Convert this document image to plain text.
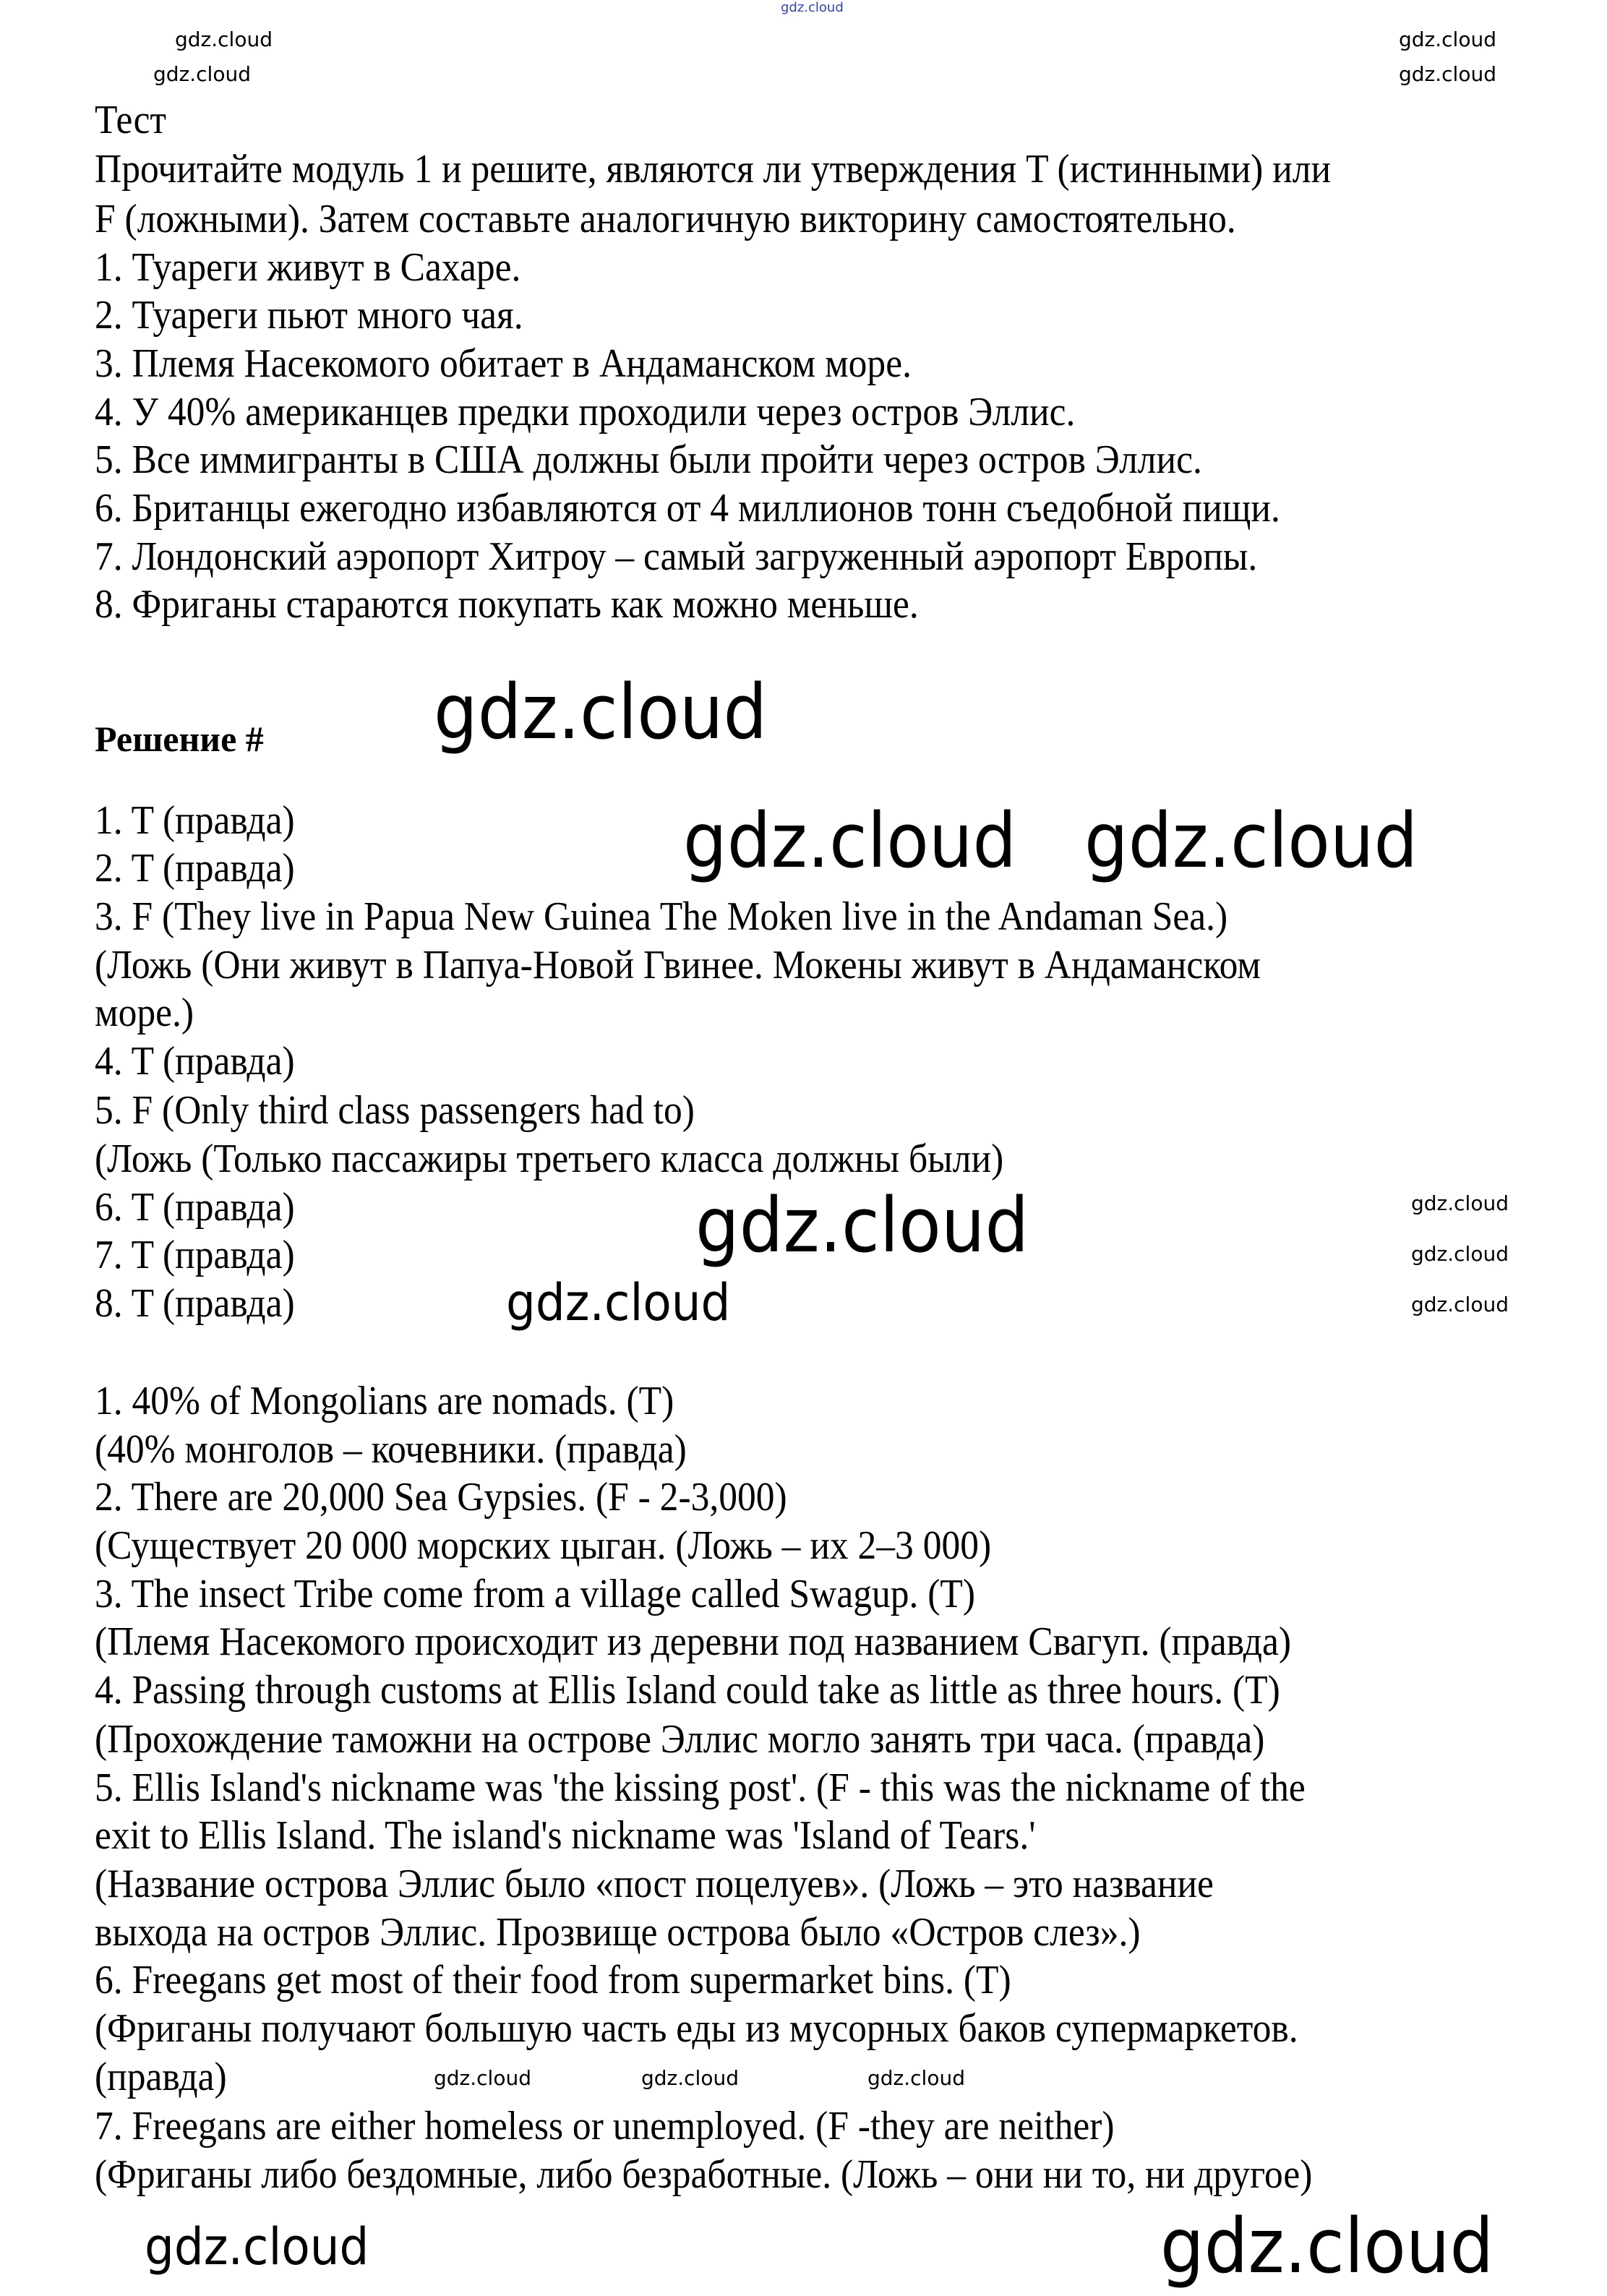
gdz.cloud
Тест
Прочитайте модуль 1 и решите, являются ли утверждения T (истинными) или
F (ложными). Затем составьте аналогичную викторину самостоятельно.
1. Туареги живут в Сахаре.
2. Туареги пьют много чая.
3. Племя Насекомого обитает в Андаманском море.
4. У 40% американцев предки проходили через остров Эллис.
5. Все иммигранты в США должны были пройти через остров Эллис.
6. Британцы ежегодно избавляются от 4 миллионов тонн съедобной пищи.
7. Лондонский аэропорт Хитроу – самый загруженный аэропорт Европы.
8. Фриганы стараются покупать как можно меньше.
Решение #
1. T (правда)
2. T (правда)
3. F (They live in Papua New Guinea The Moken live in the Andaman Sea.)
(Ложь (Они живут в Папуа-Новой Гвинее. Мокены живут в Андаманском
море.)
4. T (правда)
5. F (Only third class passengers had to)
(Ложь (Только пассажиры третьего класса должны были)
6. T (правда)
7. T (правда)
8. T (правда)
1. 40% of Mongolians are nomads. (T)
(40% монголов – кочевники. (правда)
2. There are 20,000 Sea Gypsies. (F - 2-3,000)
(Существует 20 000 морских цыган. (Ложь – их 2–3 000)
3. The insect Tribe come from a village called Swagup. (T)
(Племя Насекомого происходит из деревни под названием Свагуп. (правда)
4. Passing through customs at Ellis Island could take as little as three hours. (T)
(Прохождение таможни на острове Эллис могло занять три часа. (правда)
5. Ellis Island's nickname was 'the kissing post'. (F - this was the nickname of the
exit to Ellis Island. The island's nickname was 'Island of Tears.'
(Название острова Эллис было «пост поцелуев». (Ложь – это название
выхода на остров Эллис. Прозвище острова было «Остров слез».)
6. Freegans get most of their food from supermarket bins. (T)
(Фриганы получают большую часть еды из мусорных баков супермаркетов.
(правда)
7. Freegans are either homeless or unemployed. (F -they are neither)
(Фриганы либо бездомные, либо безработные. (Ложь – они ни то, ни другое)
gdz.cloud
gdz.cloud gdz.cloud
gdz.cloud
gdz.cloud
gdz.cloud
gdz.cloud
gdz.cloud	gdz.cloud
gdz.cloud	gdz.cloud
gdz.cloud
gdz.cloud
gdz.cloud
gdz.cloud	gdz.cloud	gdz.cloud
